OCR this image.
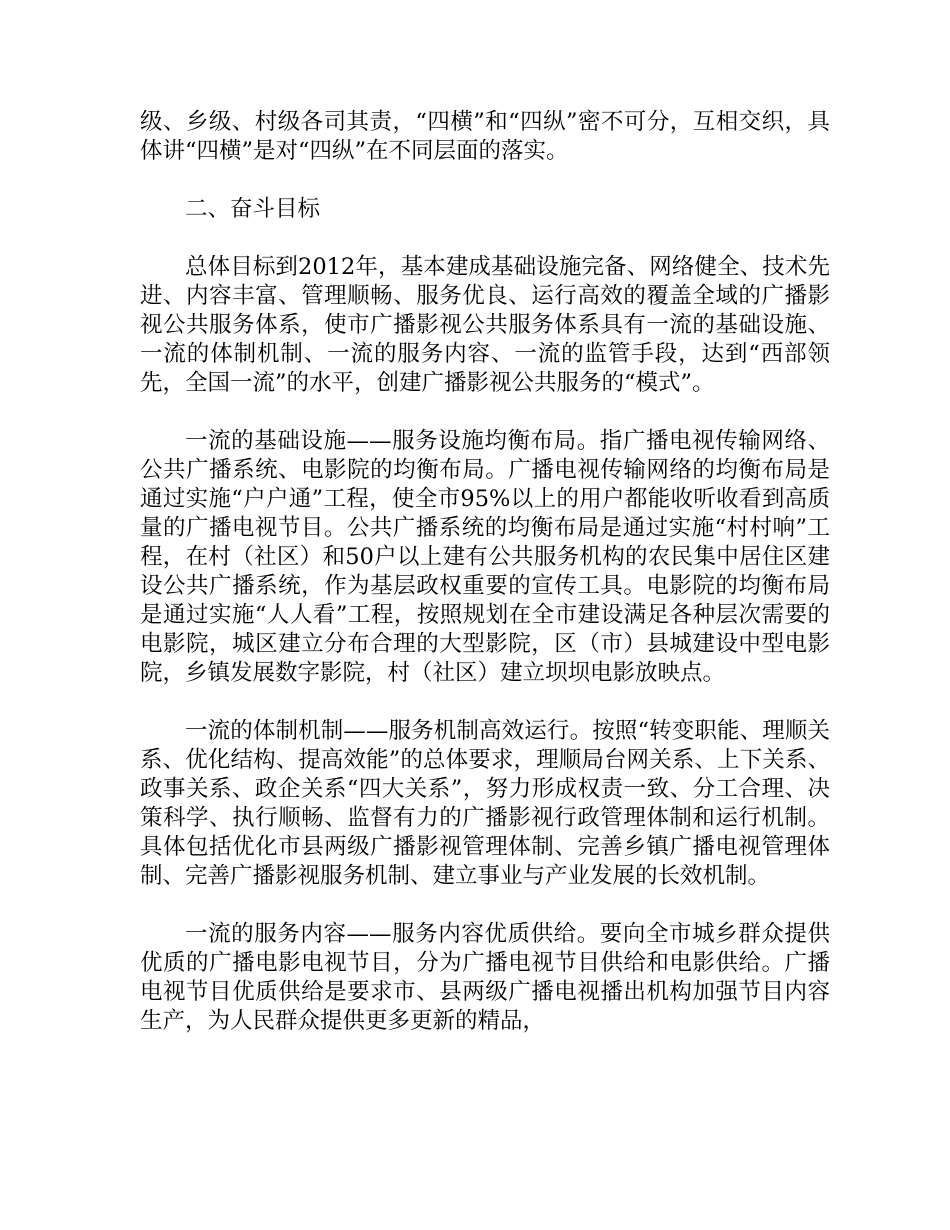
级、乡级、村级各司其责，“四横”和“四纵”密不可分，互相交织，具体讲“四横”是对“四纵”在不同层面的落实。

二、奋斗目标

总体目标到2012年，基本建成基础设施完备、网络健全、技术先进、内容丰富、管理顺畅、服务优良、运行高效的覆盖全域的广播影视公共服务体系，使市广播影视公共服务体系具有一流的基础设施、一流的体制机制、一流的服务内容、一流的监管手段，达到“西部领先，全国一流”的水平，创建广播影视公共服务的“模式”。

一流的基础设施——服务设施均衡布局。指广播电视传输网络、公共广播系统、电影院的均衡布局。广播电视传输网络的均衡布局是通过实施“户户通”工程，使全市95%以上的用户都能收听收看到高质量的广播电视节目。公共广播系统的均衡布局是通过实施“村村响”工程，在村（社区）和50户以上建有公共服务机构的农民集中居住区建设公共广播系统，作为基层政权重要的宣传工具。电影院的均衡布局是通过实施“人人看”工程，按照规划在全市建设满足各种层次需要的电影院，城区建立分布合理的大型影院，区（市）县城建设中型电影院，乡镇发展数字影院，村（社区）建立坝坝电影放映点。

一流的体制机制——服务机制高效运行。按照“转变职能、理顺关系、优化结构、提高效能”的总体要求，理顺局台网关系、上下关系、政事关系、政企关系“四大关系”，努力形成权责一致、分工合理、决策科学、执行顺畅、监督有力的广播影视行政管理体制和运行机制。具体包括优化市县两级广播影视管理体制、完善乡镇广播电视管理体制、完善广播影视服务机制、建立事业与产业发展的长效机制。

一流的服务内容——服务内容优质供给。要向全市城乡群众提供优质的广播电影电视节目，分为广播电视节目供给和电影供给。广播电视节目优质供给是要求市、县两级广播电视播出机构加强节目内容生产，为人民群众提供更多更新的精品，
